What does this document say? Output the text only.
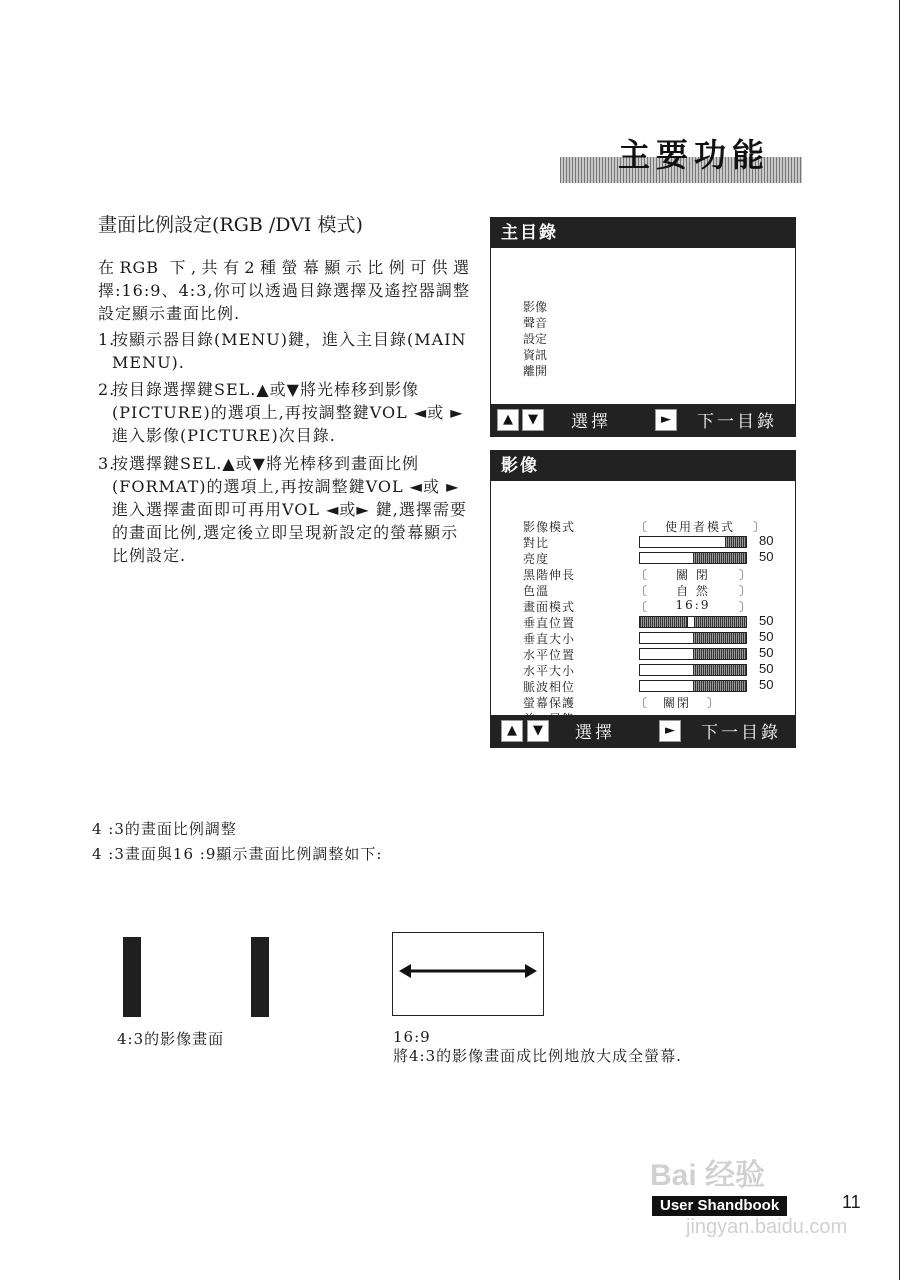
主要功能
畫面比例設定(RGB /DVI 模式)
在RGB 下,共有2種螢幕顯示比例可供選擇:16:9、4:3,你可以透過目錄選擇及遙控器調整設定顯示畫面比例.
1.
按顯示器目錄(MENU)鍵，進入主目錄(MAIN MENU).
2.
按目錄選擇鍵SEL.▲或▼將光棒移到影像(PICTURE)的選項上,再按調整鍵VOL ◄或 ► 進入影像(PICTURE)次目錄.
3.
按選擇鍵SEL.▲或▼將光棒移到畫面比例(FORMAT)的選項上,再按調整鍵VOL ◄或 ► 進入選擇畫面即可再用VOL ◄或► 鍵,選擇需要的畫面比例,選定後立即呈現新設定的螢幕顯示比例設定.
主目錄
影像
聲音
設定
資訊
離開
▲	▼	選擇	►	下一目錄
影像
影像模式	〔	使用者模式	〕
對比	80
亮度	50
黑階伸長	〔	關 閉	〕
色溫	〔	自 然	〕
畫面模式	〔	16:9	〕
垂直位置	50
垂直大小	50
水平位置	50
水平大小	50
脈波相位	50
螢幕保護	〔	關閉	〕
▲	▼	選擇	►	下一目錄
4 :3的畫面比例調整
4 :3畫面與16 :9顯示畫面比例調整如下:
4:3的影像畫面	16:9
將4:3的影像畫面成比例地放大成全螢幕.
Bai 经验
jingyan.baidu.com
User Shandbook	11
